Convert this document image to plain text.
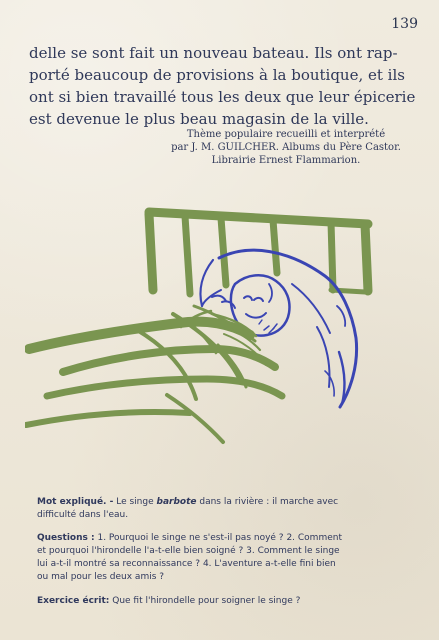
139

delle se sont fait un nouveau bateau. Ils ont rap-
porté beaucoup de provisions à la boutique, et ils
ont si bien travaillé tous les deux que leur épicerie
est devenue le plus beau magasin de la ville.

Thème populaire recueilli et interprété
par J. M. GUILCHER. Albums du Père Castor.
Librairie Ernest Flammarion.
Mot expliqué. - Le singe barbote dans la rivière : il marche avec
difficulté dans l'eau.
Questions : 1. Pourquoi le singe ne s'est-il pas noyé ? 2. Comment
et pourquoi l'hirondelle l'a-t-elle bien soigné ? 3. Comment le singe
lui a-t-il montré sa reconnaissance ? 4. L'aventure a-t-elle fini bien
ou mal pour les deux amis ?
Exercice écrit: Que fit l'hirondelle pour soigner le singe ?
